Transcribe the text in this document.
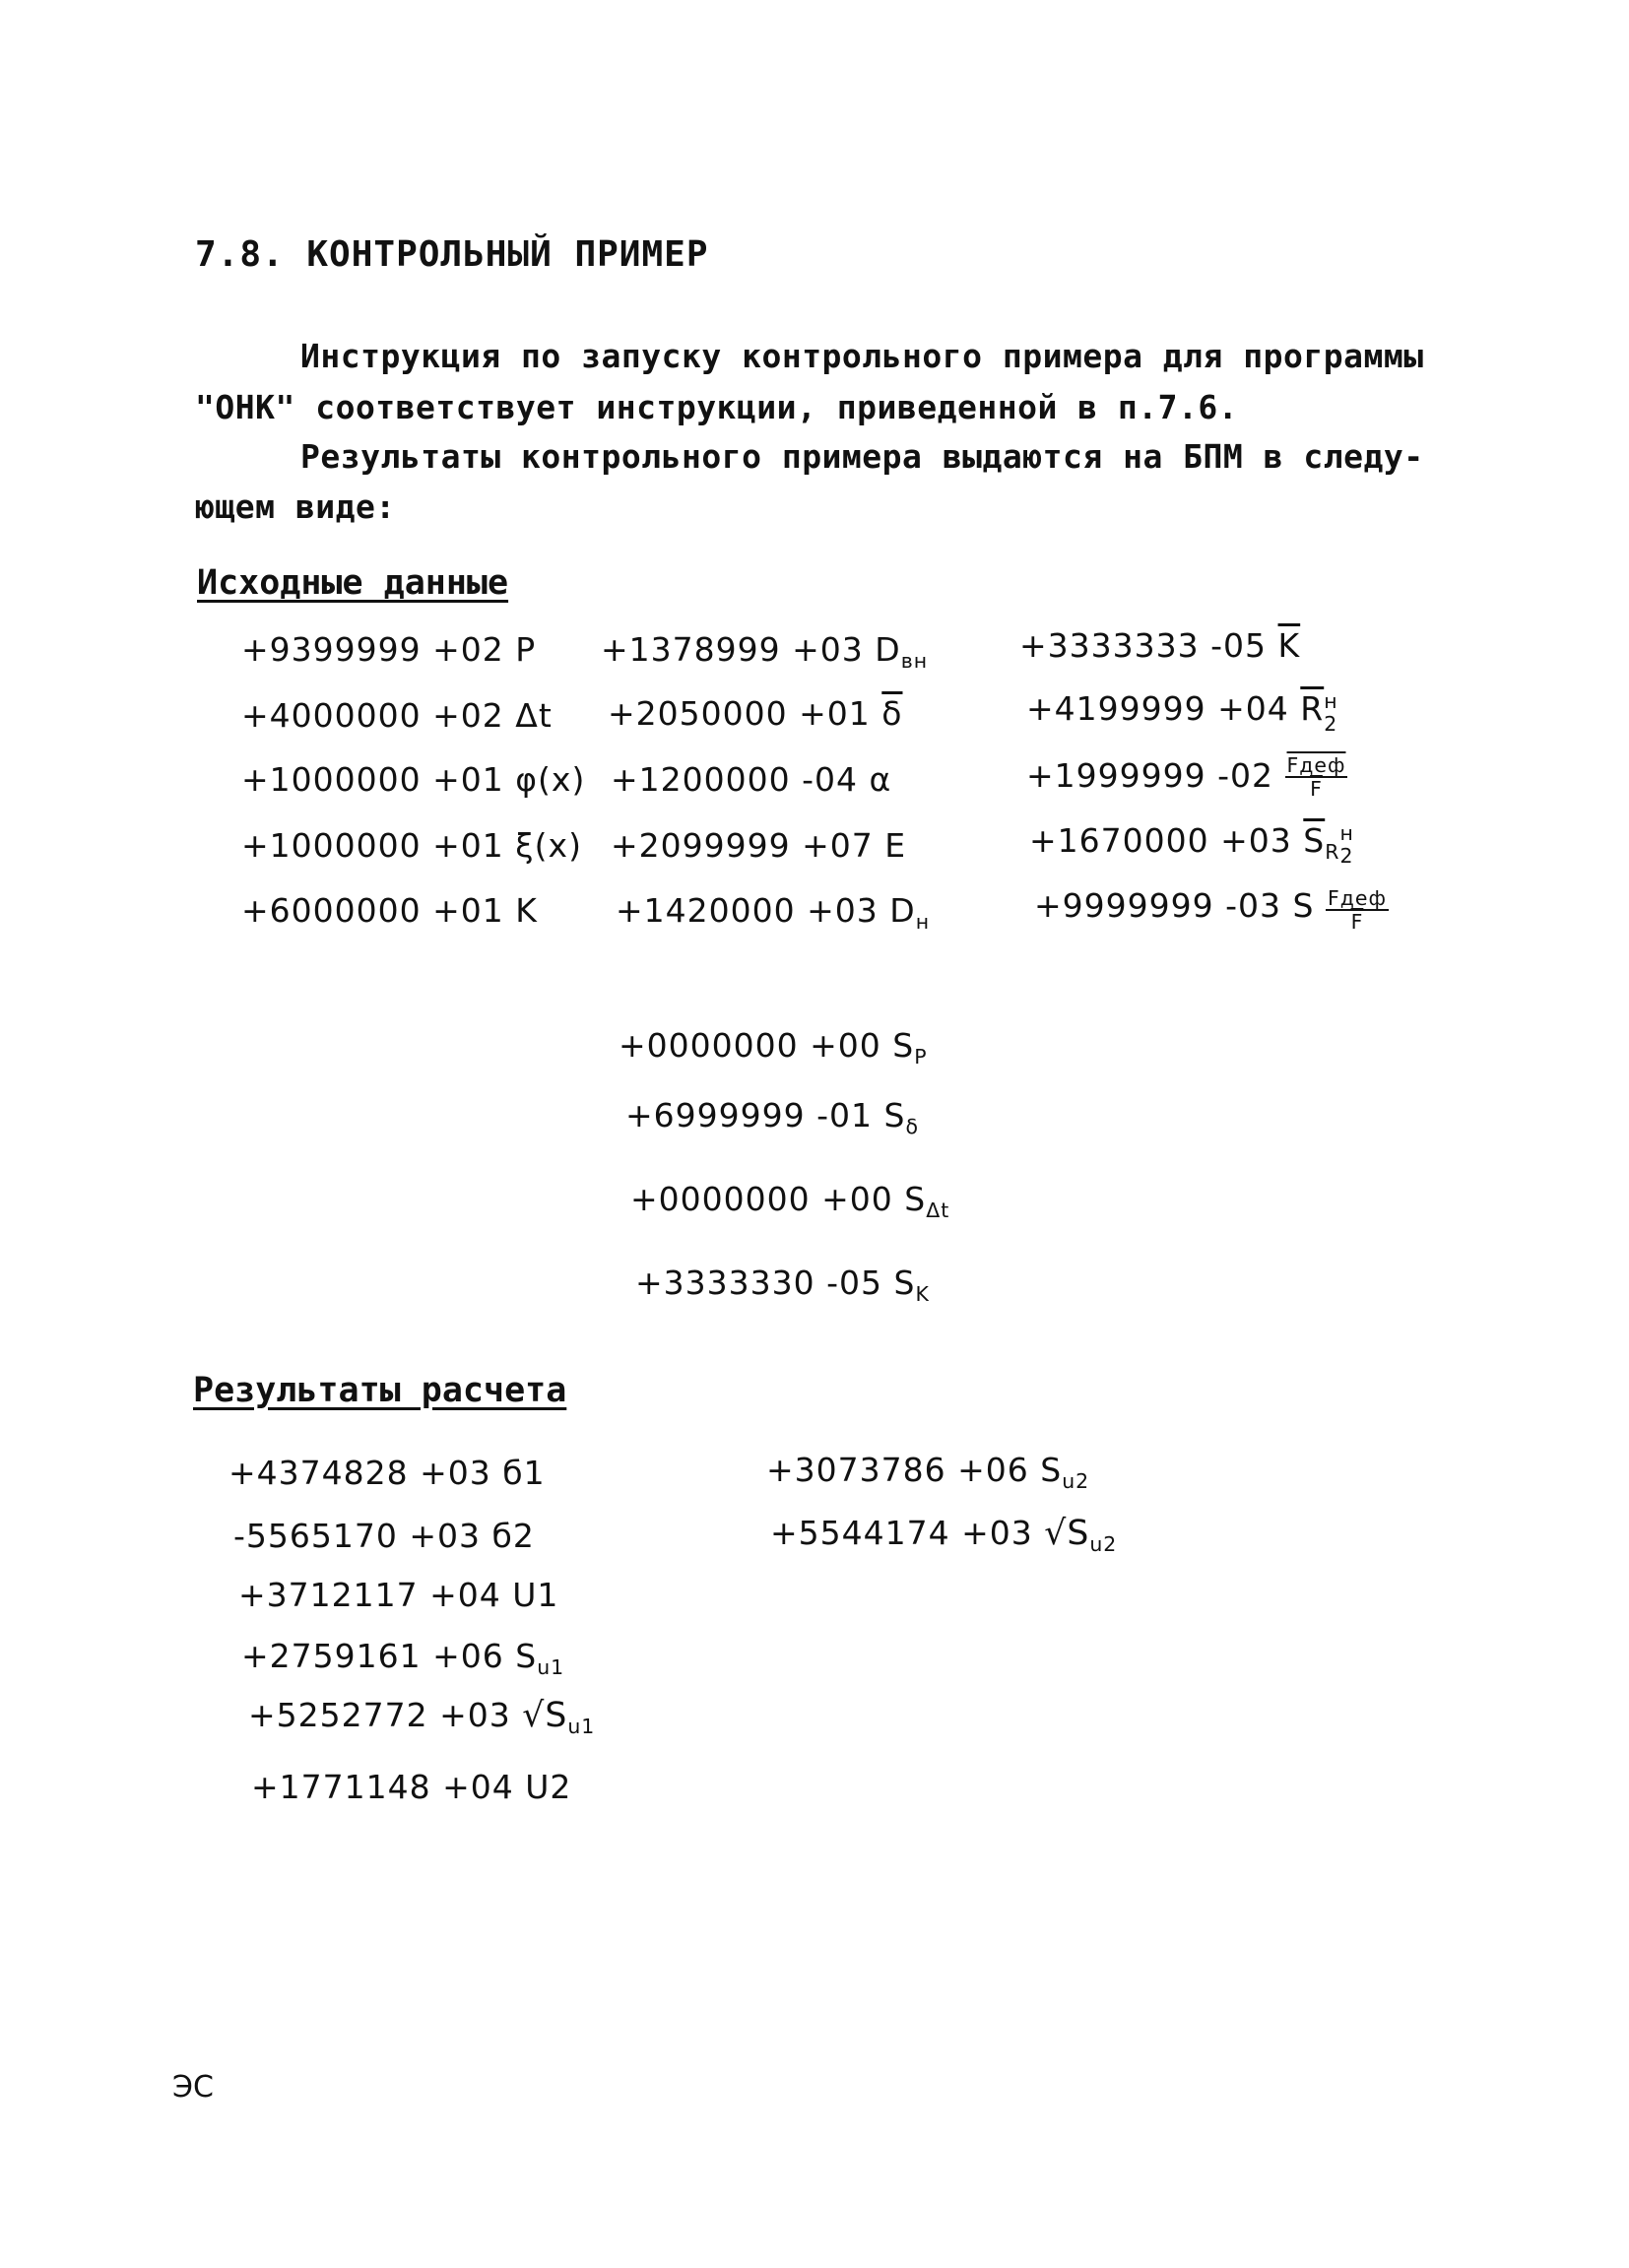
7.8. КОНТРОЛЬНЫЙ ПРИМЕР
Инструкция по запуску контрольного примера для программы
"ОНК" соответствует инструкции, приведенной в п.7.6.
Результаты контрольного примера выдаются на БПМ в следу-
ющем виде:
Исходные данные
+9399999 +02 P
+4000000 +02 Δt
+1000000 +01 φ(x)
+1000000 +01 ξ(x)
+6000000 +01 K
+1378999 +03 $D_{вн}$
+2050000 +01 $\overline{\delta}$
+1200000 -04 α
+2099999 +07 E
+1420000 +03 $D_н$
+3333333 -05 $\overline{K}$
+4199999 +04 $\overline{R}$ н
2
+1999999 $-02 \frac{\text{Fдеф}}{F}$
+1670000 +03 $\overline{S}_R$
н
2
+9999999 -03 S $\frac{\text{Fдеф}}{F}$
+0000000 +00 $S_P$
+6999999 -01 $S_\delta$
+0000000 +00 $S_{\Delta t}$
+3333330 -05 $S_K$
Результаты расчета
+4374828 +03 б1
-5565170 +03 б2
+3712117 +04 U1
+2759161 +06 $S_{u1}$
+5252772 +03 $√S_{u1}$
+1771148 +04 U2
+3073786 +06 $S_{u2}$
+5544174 +03 $√S_{u2}$
ЭС
